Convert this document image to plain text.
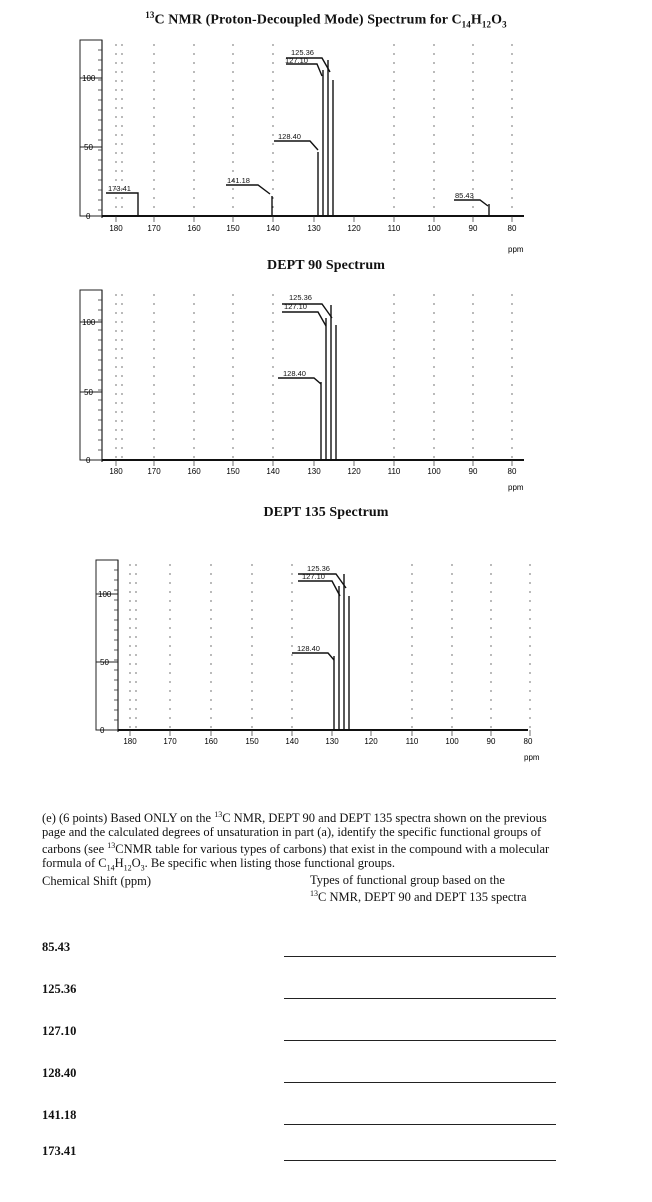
$^{13}$C NMR (Proton-Decoupled Mode) Spectrum for $C_{14}H_{12}O_3$
100
50
0
180	170	160	150	140	130	120	110	100	90	80
ppm
125.36
127.10
128.40
141.18
173.41
85.43
DEPT 90 Spectrum
100
50
0
180	170	160	150	140	130	120	110	100	90	80
ppm
125.36
127.10
128.40
DEPT 135 Spectrum
100
50
0
180	170	160	150	140	130	120	110	100	90	80
ppm
125.36
127.10
128.40
(e) (6 points) Based ONLY on the $^{13}$C NMR, DEPT 90 and DEPT 135 spectra shown on the previous page and the calculated degrees of unsaturation in part (a), identify the specific functional groups of carbons (see $^{13}$CNMR table for various types of carbons) that exist in the compound with a molecular formula of $C_{14}H_{12}O_3$. Be specific when listing those functional groups.
Chemical Shift (ppm)	Types of functional group based on the
$^{13}$C NMR, DEPT 90 and DEPT 135 spectra
85.43
125.36
127.10
128.40
141.18
173.41
